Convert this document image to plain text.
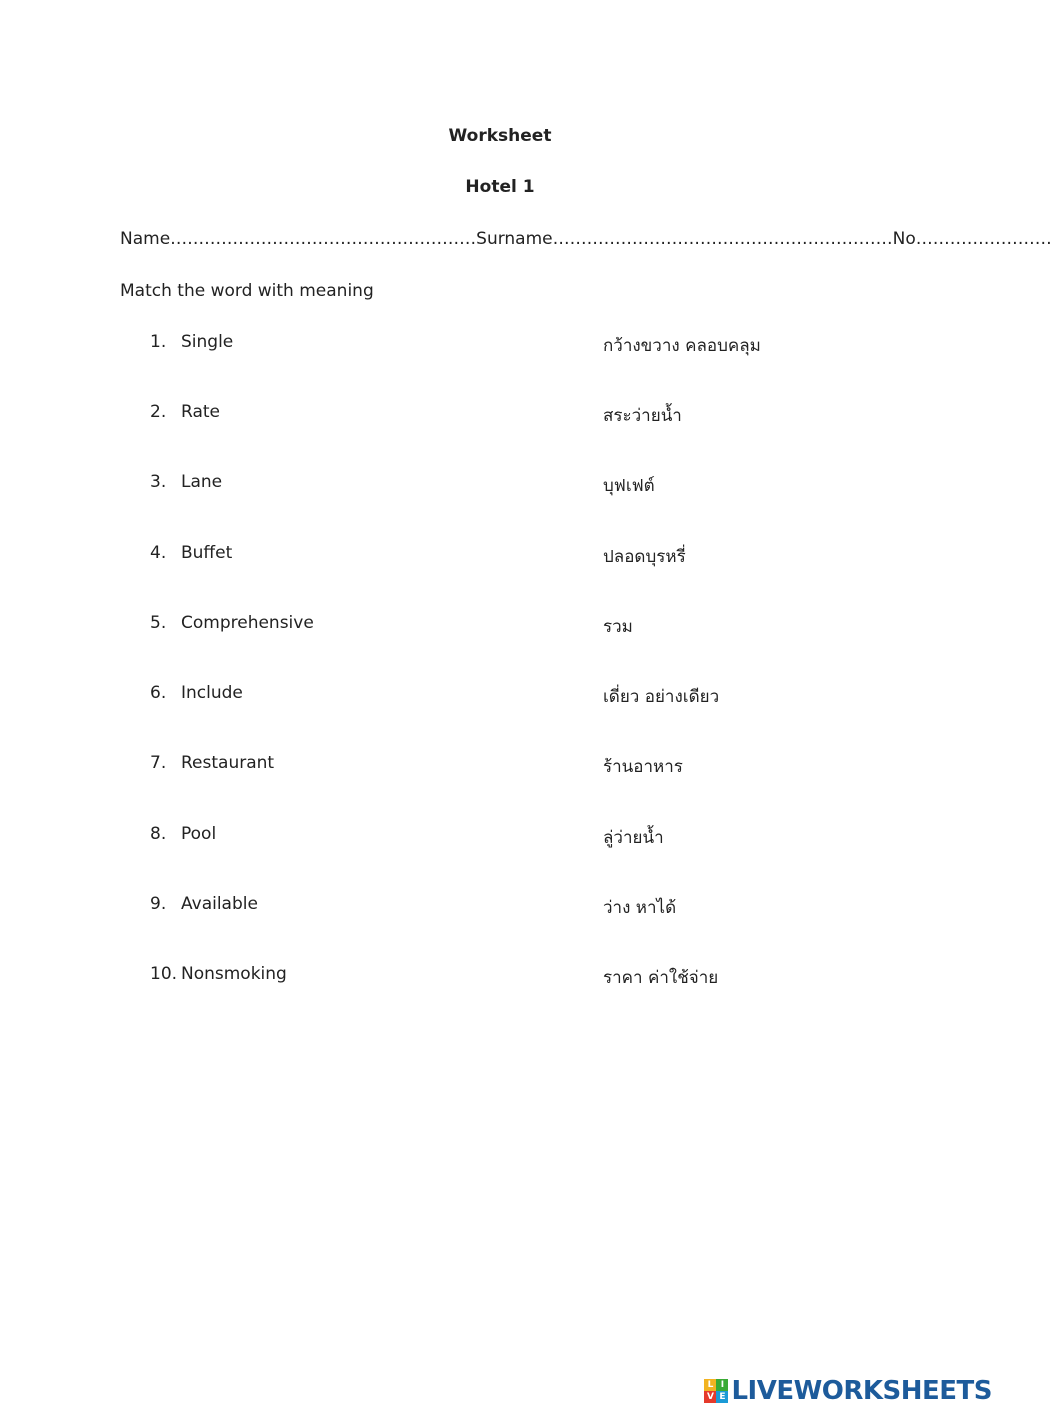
Worksheet
Hotel 1
Name………………………………………………Surname……………………………………………………No……………………
Match the word with meaning
1. Single	กว้างขวาง คลอบคลุม
2. Rate	สระว่ายน้ำ
3. Lane	บุฟเฟต์
4. Buffet	ปลอดบุรหรี่
5. Comprehensive	รวม
6. Include	เดี่ยว อย่างเดียว
7. Restaurant	ร้านอาหาร
8. Pool	ลู่ว่ายน้ำ
9. Available	ว่าง หาได้
10. Nonsmoking	ราคา ค่าใช้จ่าย
L I
V E LIVEWORKSHEETS
